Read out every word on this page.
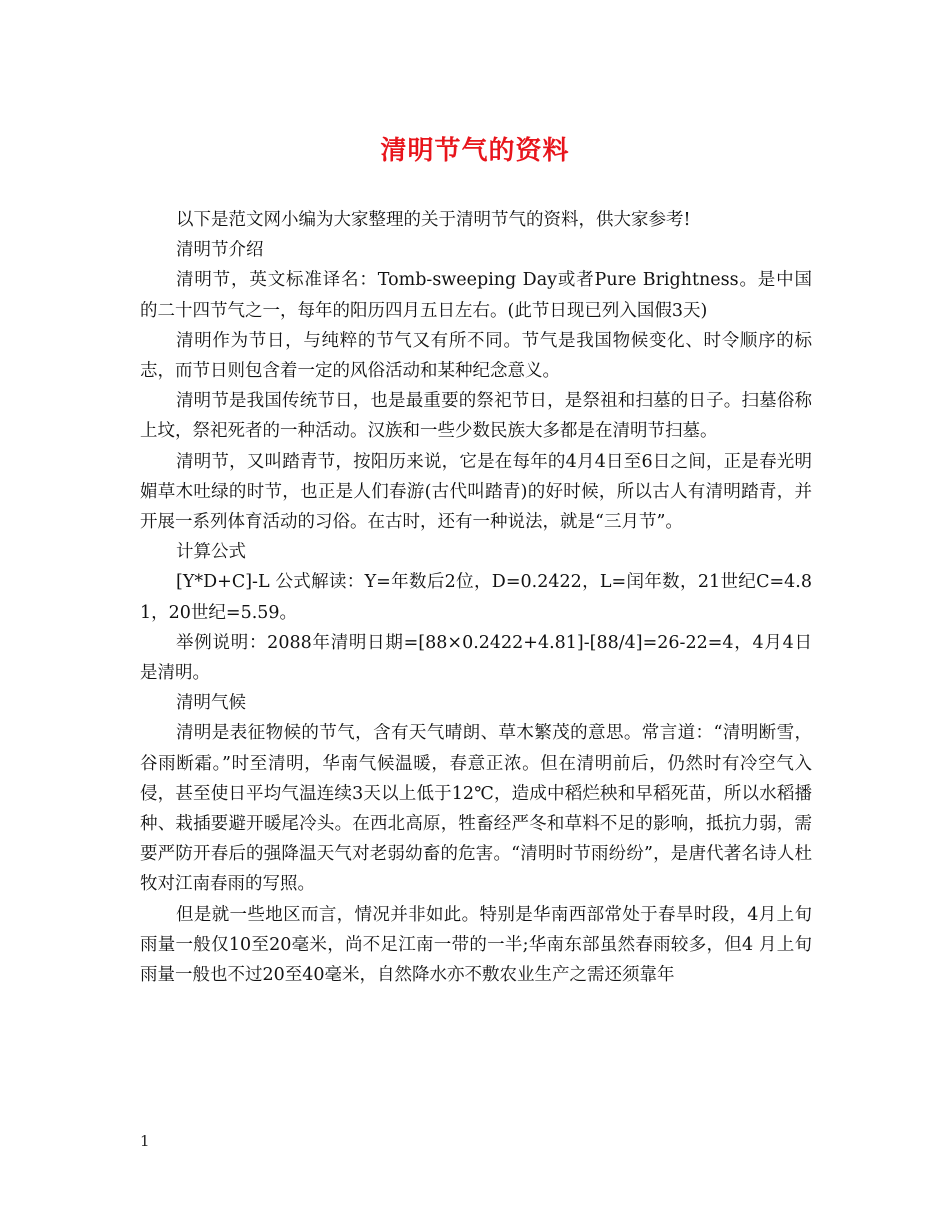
清明节气的资料

以下是范文网小编为大家整理的关于清明节气的资料，供大家参考!

清明节介绍

清明节，英文标准译名：Tomb-sweeping Day或者Pure Brightness。是中国的二十四节气之一，每年的阳历四月五日左右。(此节日现已列入国假3天)

清明作为节日，与纯粹的节气又有所不同。节气是我国物候变化、时令顺序的标志，而节日则包含着一定的风俗活动和某种纪念意义。

清明节是我国传统节日，也是最重要的祭祀节日，是祭祖和扫墓的日子。扫墓俗称上坟，祭祀死者的一种活动。汉族和一些少数民族大多都是在清明节扫墓。

清明节，又叫踏青节，按阳历来说，它是在每年的4月4日至6日之间，正是春光明媚草木吐绿的时节，也正是人们春游(古代叫踏青)的好时候，所以古人有清明踏青，并开展一系列体育活动的习俗。在古时，还有一种说法，就是“三月节”。

计算公式

[Y*D+C]-L 公式解读：Y=年数后2位，D=0.2422，L=闰年数，21世纪C=4.81，20世纪=5.59。

举例说明：2088年清明日期=[88×0.2422+4.81]-[88/4]=26-22=4，4月4日是清明。

清明气候

清明是表征物候的节气，含有天气晴朗、草木繁茂的意思。常言道：“清明断雪，谷雨断霜。”时至清明，华南气候温暖，春意正浓。但在清明前后，仍然时有冷空气入侵，甚至使日平均气温连续3天以上低于12℃，造成中稻烂秧和早稻死苗，所以水稻播种、栽插要避开暖尾冷头。在西北高原，牲畜经严冬和草料不足的影响，抵抗力弱，需要严防开春后的强降温天气对老弱幼畜的危害。“清明时节雨纷纷”，是唐代著名诗人杜牧对江南春雨的写照。

但是就一些地区而言，情况并非如此。特别是华南西部常处于春旱时段，4月上旬雨量一般仅10至20毫米，尚不足江南一带的一半;华南东部虽然春雨较多，但4 月上旬雨量一般也不过20至40毫米，自然降水亦不敷农业生产之需还须靠年

1
